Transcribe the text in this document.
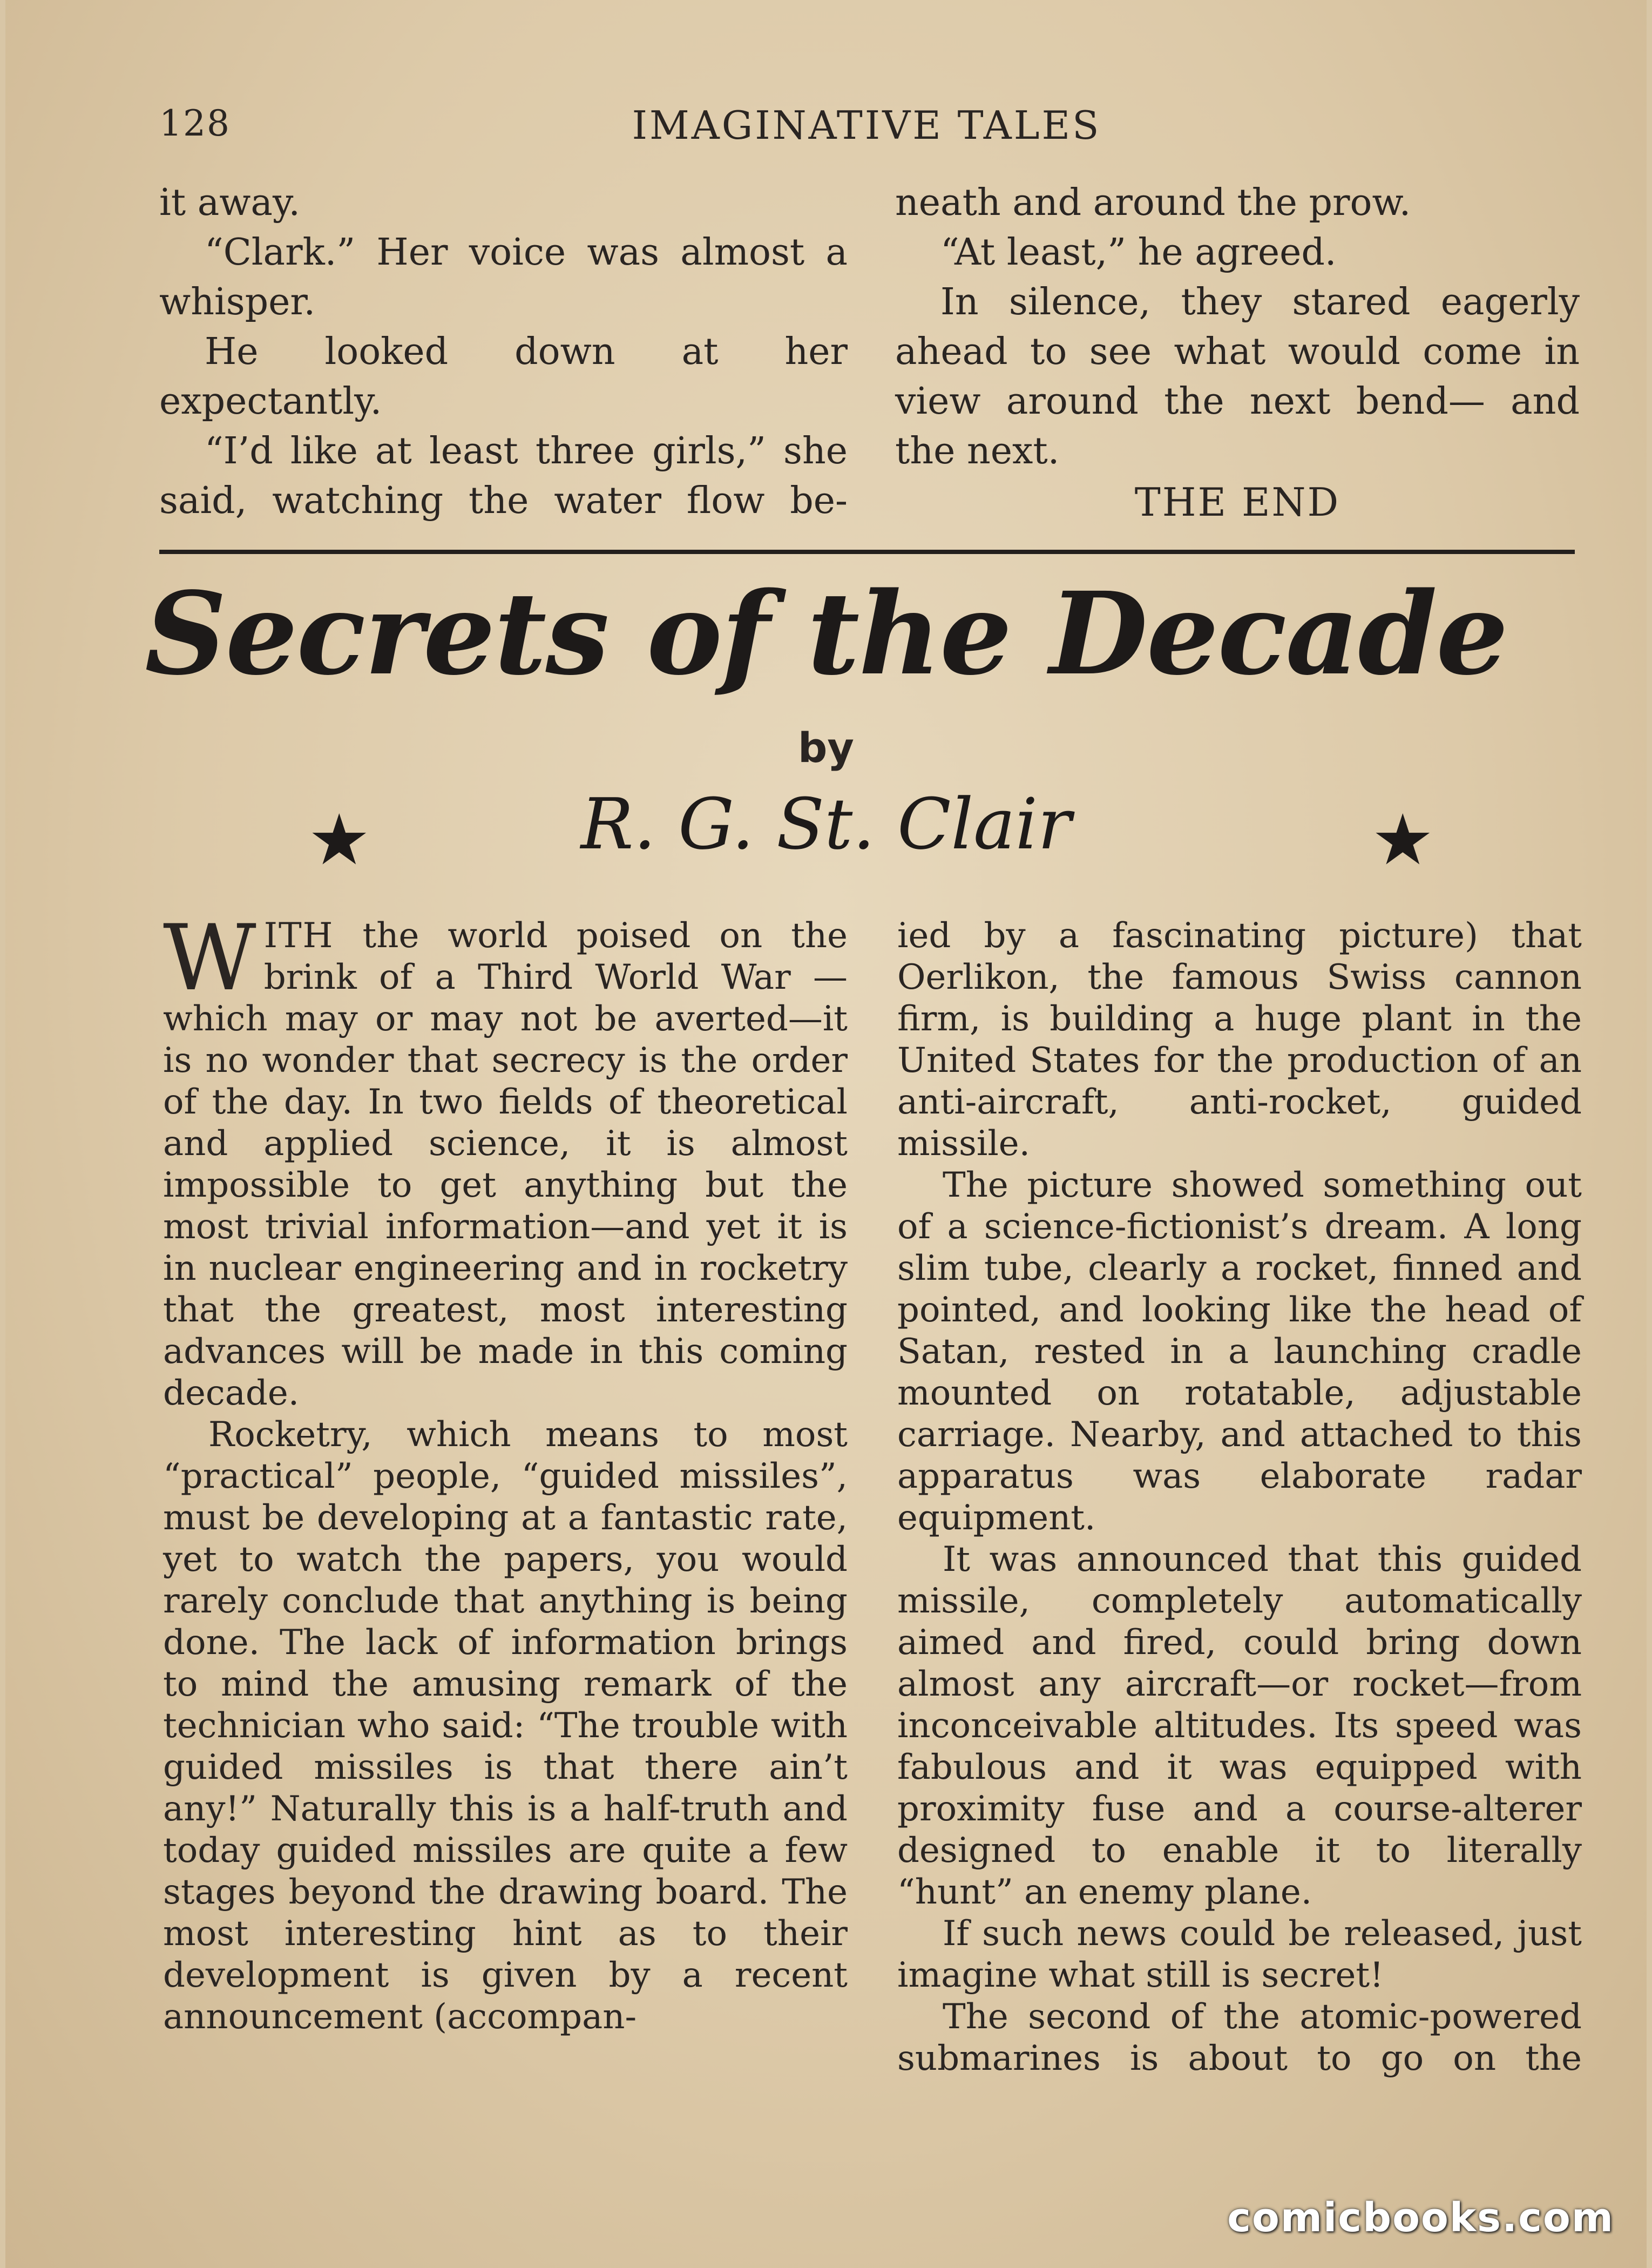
128	IMAGINATIVE TALES

it away.

“Clark.” Her voice was almost a whisper.

He looked down at her expectantly.

“I’d like at least three girls,” she said, watching the water flow be-

neath and around the prow.

“At least,” he agreed.

In silence, they stared eagerly ahead to see what would come in view around the next bend— and the next.

THE END
Secrets of the Decade
by
★	R. G. St. Clair	★

WITH the world poised on the brink of a Third World War —which may or may not be averted—it is no wonder that secrecy is the order of the day. In two fields of theoretical and applied science, it is almost impossible to get anything but the most trivial information—and yet it is in nuclear engineering and in rocketry that the greatest, most interesting advances will be made in this coming decade.

Rocketry, which means to most “practical” people, “guided missiles”, must be developing at a fantastic rate, yet to watch the papers, you would rarely conclude that anything is being done. The lack of information brings to mind the amusing remark of the technician who said: “The trouble with guided missiles is that there ain’t any!” Naturally this is a half-truth and today guided missiles are quite a few stages beyond the drawing board. The most interesting hint as to their development is given by a recent announcement (accompan-

ied by a fascinating picture) that Oerlikon, the famous Swiss cannon firm, is building a huge plant in the United States for the production of an anti-aircraft, anti-rocket, guided missile.

The picture showed something out of a science-fictionist’s dream. A long slim tube, clearly a rocket, finned and pointed, and looking like the head of Satan, rested in a launching cradle mounted on rotatable, adjustable carriage. Nearby, and attached to this apparatus was elaborate radar equipment.

It was announced that this guided missile, completely automatically aimed and fired, could bring down almost any aircraft—or rocket—from inconceivable altitudes. Its speed was fabulous and it was equipped with proximity fuse and a course-alterer designed to enable it to literally “hunt” an enemy plane.

If such news could be released, just imagine what still is secret!

The second of the atomic-powered submarines is about to go on the

comicbooks.com
